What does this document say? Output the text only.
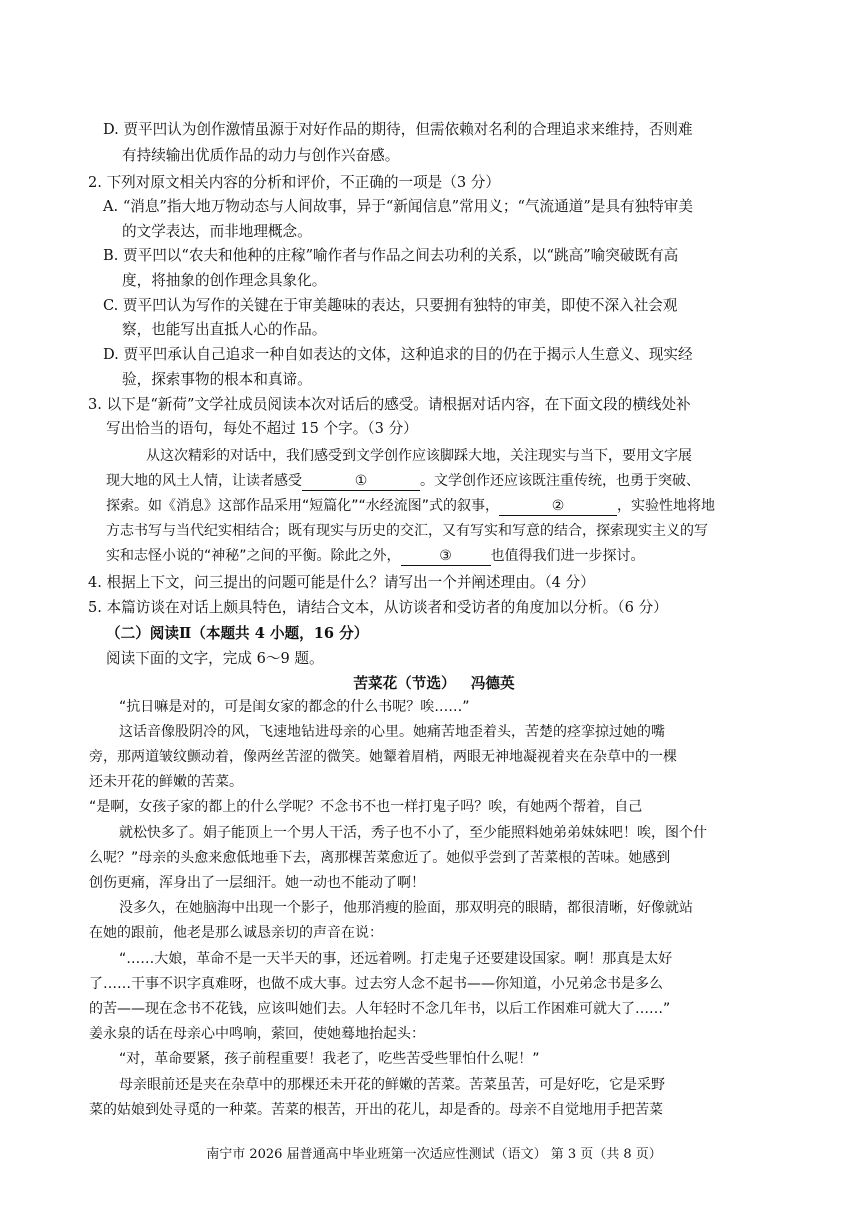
D. 贾平凹认为创作激情虽源于对好作品的期待，但需依赖对名利的合理追求来维持，否则难
有持续输出优质作品的动力与创作兴奋感。
2. 下列对原文相关内容的分析和评价，不正确的一项是（3 分）
A. “消息”指大地万物动态与人间故事，异于“新闻信息”常用义；“气流通道”是具有独特审美
的文学表达，而非地理概念。
B. 贾平凹以“农夫和他种的庄稼”喻作者与作品之间去功利的关系，以“跳高”喻突破既有高
度，将抽象的创作理念具象化。
C. 贾平凹认为写作的关键在于审美趣味的表达，只要拥有独特的审美，即使不深入社会观
察，也能写出直抵人心的作品。
D. 贾平凹承认自己追求一种自如表达的文体，这种追求的目的仍在于揭示人生意义、现实经
验，探索事物的根本和真谛。
3. 以下是“新荷”文学社成员阅读本次对话后的感受。请根据对话内容，在下面文段的横线处补
写出恰当的语句，每处不超过 15 个字。（3 分）
从这次精彩的对话中，我们感受到文学创作应该脚踩大地，关注现实与当下，要用文字展
现大地的风土人情，让读者感受	①	。文学创作还应该既注重传统，也勇于突破、
探索。如《消息》这部作品采用“短篇化”“水经流图”式的叙事，	②	，实验性地将地
方志书写与当代纪实相结合；既有现实与历史的交汇，又有写实和写意的结合，探索现实主义的写
实和志怪小说的“神秘”之间的平衡。除此之外，	③	也值得我们进一步探讨。
4. 根据上下文，问三提出的问题可能是什么？请写出一个并阐述理由。（4 分）
5. 本篇访谈在对话上颇具特色，请结合文本，从访谈者和受访者的角度加以分析。（6 分）
（二）阅读Ⅱ（本题共 4 小题，16 分）
阅读下面的文字，完成 6～9 题。
苦菜花（节选） 冯德英
“抗日嘛是对的，可是闺女家的都念的什么书呢？唉……”
这话音像股阴冷的风，飞速地钻进母亲的心里。她痛苦地歪着头，苦楚的痉挛掠过她的嘴
旁，那两道皱纹颤动着，像两丝苦涩的微笑。她颦着眉梢，两眼无神地凝视着夹在杂草中的一棵
还未开花的鲜嫩的苦菜。
“是啊，女孩子家的都上的什么学呢？不念书不也一样打鬼子吗？唉，有她两个帮着，自己
就松快多了。娟子能顶上一个男人干活，秀子也不小了，至少能照料她弟弟妹妹吧！唉，图个什
么呢？”母亲的头愈来愈低地垂下去，离那棵苦菜愈近了。她似乎尝到了苦菜根的苦味。她感到
创伤更痛，浑身出了一层细汗。她一动也不能动了啊！
没多久，在她脑海中出现一个影子，他那消瘦的脸面，那双明亮的眼睛，都很清晰，好像就站
在她的跟前，他老是那么诚恳亲切的声音在说：
“……大娘，革命不是一天半天的事，还远着咧。打走鬼子还要建设国家。啊！那真是太好
了……干事不识字真难呀，也做不成大事。过去穷人念不起书——你知道，小兄弟念书是多么
的苦——现在念书不花钱，应该叫她们去。人年轻时不念几年书，以后工作困难可就大了……”
姜永泉的话在母亲心中鸣响，萦回，使她蓦地抬起头：
“对，革命要紧，孩子前程重要！我老了，吃些苦受些罪怕什么呢！”
母亲眼前还是夹在杂草中的那棵还未开花的鲜嫩的苦菜。苦菜虽苦，可是好吃，它是采野
菜的姑娘到处寻觅的一种菜。苦菜的根苦，开出的花儿，却是香的。母亲不自觉地用手把苦菜
南宁市 2026 届普通高中毕业班第一次适应性测试（语文） 第 3 页（共 8 页）
